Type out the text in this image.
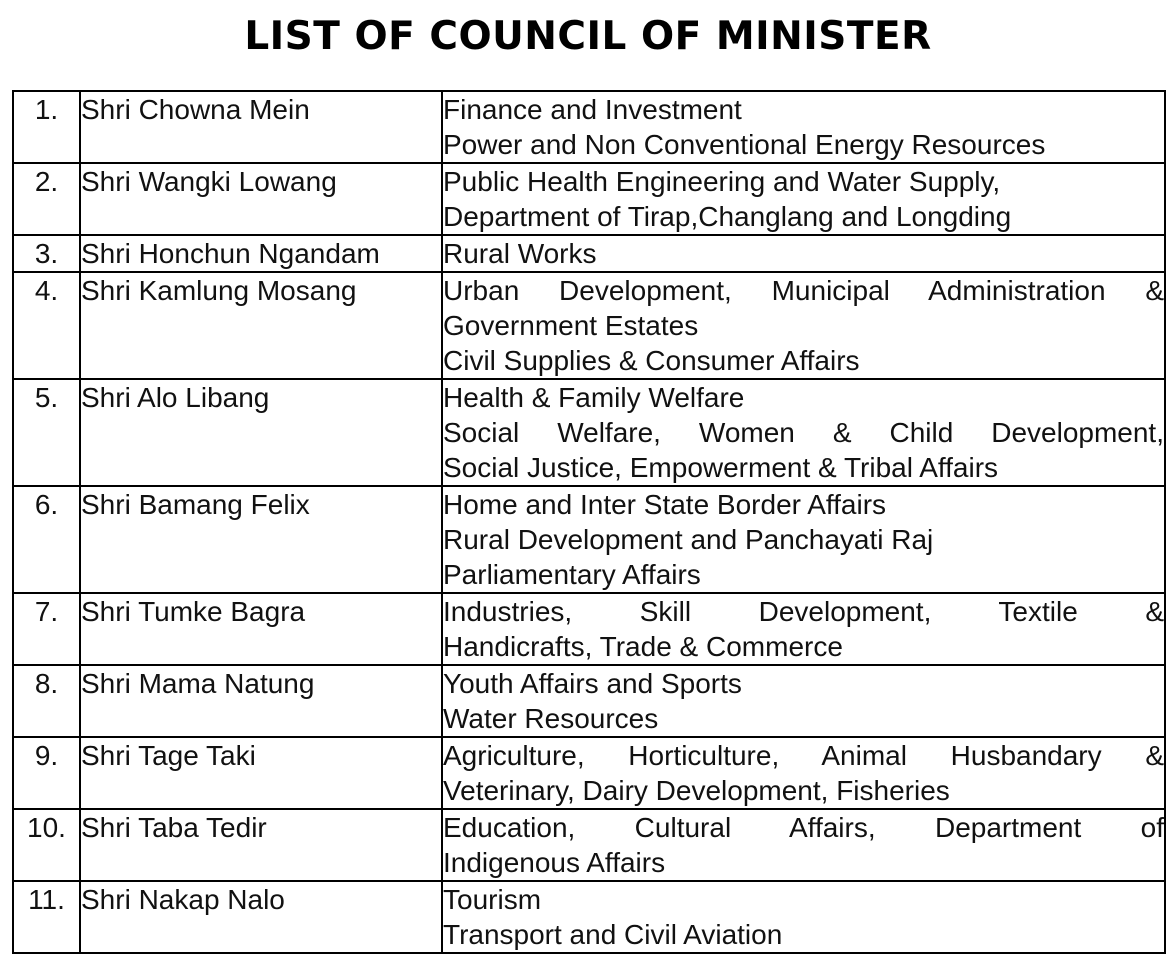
LIST OF COUNCIL OF MINISTER
1.	Shri Chowna Mein	Finance and Investment
Power and Non Conventional Energy Resources

2.	Shri Wangki Lowang	Public Health Engineering and Water Supply,
Department of Tirap,Changlang and Longding

3.	Shri Honchun Ngandam	Rural Works

4.	Shri Kamlung Mosang	Urban Development, Municipal Administration &
Government Estates
Civil Supplies & Consumer Affairs

5.	Shri Alo Libang	Health & Family Welfare
Social Welfare, Women & Child Development,
Social Justice, Empowerment & Tribal Affairs

6.	Shri Bamang Felix	Home and Inter State Border Affairs
Rural Development and Panchayati Raj
Parliamentary Affairs

7.	Shri Tumke Bagra	Industries, Skill Development, Textile &
Handicrafts, Trade & Commerce

8.	Shri Mama Natung	Youth Affairs and Sports
Water Resources

9.	Shri Tage Taki	Agriculture, Horticulture, Animal Husbandary &
Veterinary, Dairy Development, Fisheries

10.	Shri Taba Tedir	Education, Cultural Affairs, Department of
Indigenous Affairs

11.	Shri Nakap Nalo	Tourism
Transport and Civil Aviation
